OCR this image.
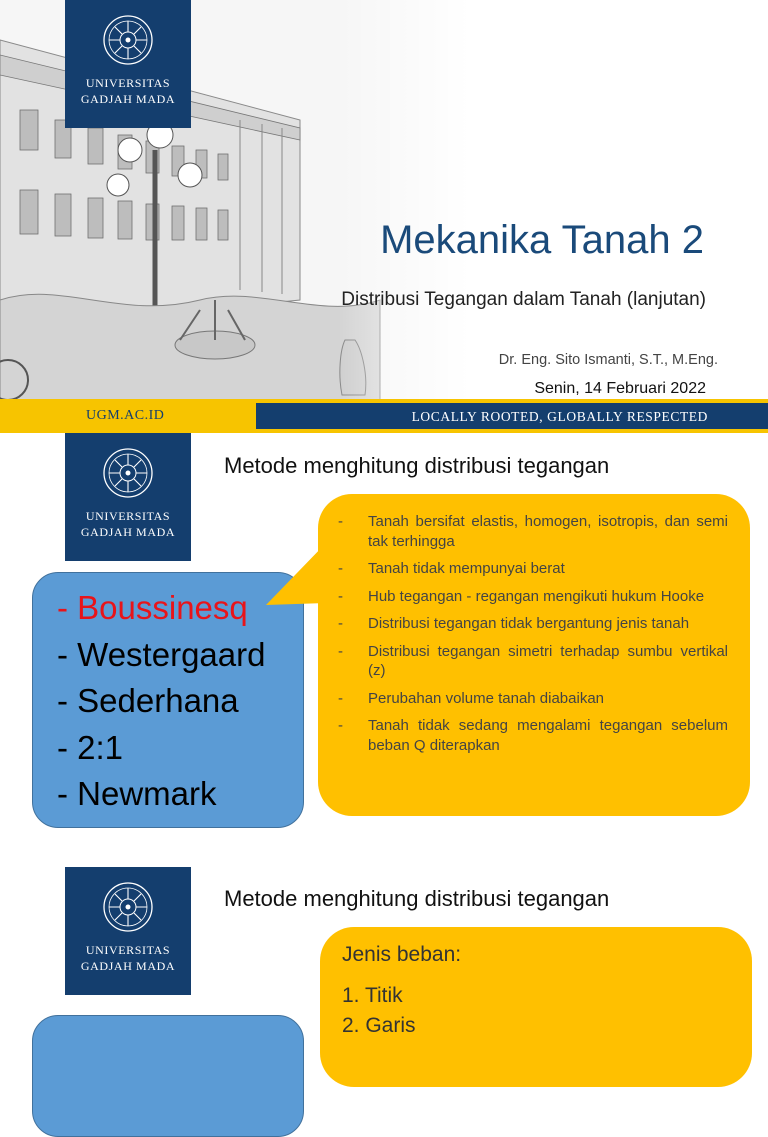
UNIVERSITAS
GADJAH MADA
Mekanika Tanah 2
Distribusi Tegangan dalam Tanah (lanjutan)
Dr. Eng. Sito Ismanti, S.T., M.Eng.
Senin, 14 Februari 2022
UGM.AC.ID	LOCALLY ROOTED, GLOBALLY RESPECTED
UNIVERSITAS
GADJAH MADA
Metode menghitung distribusi tegangan
- Boussinesq
- Westergaard
- Sederhana
- 2:1
- Newmark
- Tanah bersifat elastis, homogen, isotropis, dan semi tak terhingga
- Tanah tidak mempunyai berat
- Hub tegangan - regangan mengikuti hukum Hooke
- Distribusi tegangan tidak bergantung jenis tanah
- Distribusi tegangan simetri terhadap sumbu vertikal (z)
- Perubahan volume tanah diabaikan
- Tanah tidak sedang mengalami tegangan sebelum beban Q diterapkan
UNIVERSITAS
GADJAH MADA
Metode menghitung distribusi tegangan
Jenis beban:
1. Titik
2. Garis
